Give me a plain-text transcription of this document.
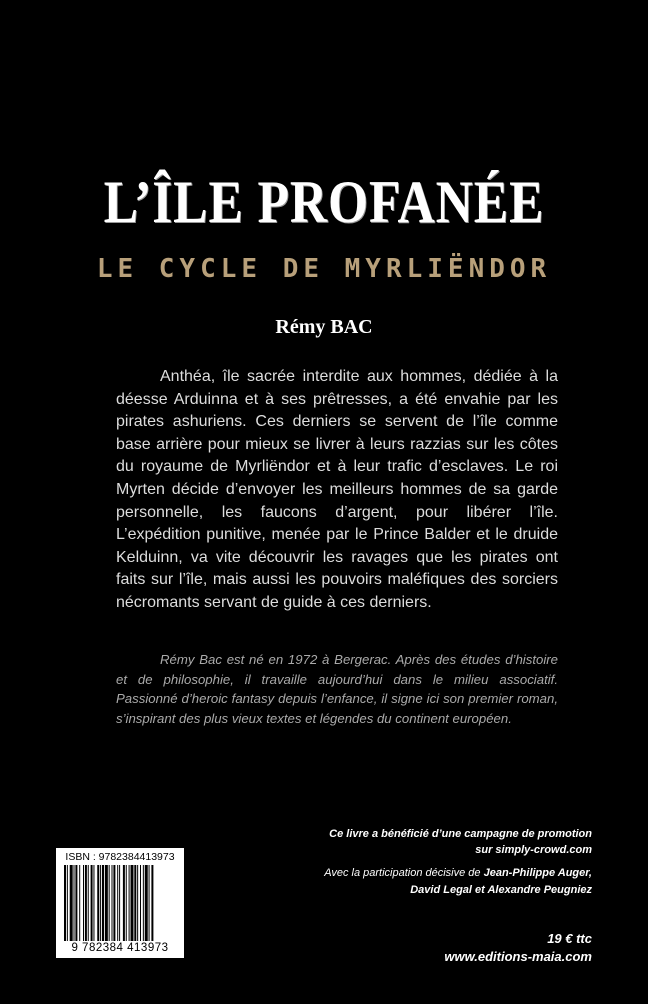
L’ÎLE PROFANÉE
LE CYCLE DE MYRLIËNDOR
Rémy BAC

Anthéa, île sacrée interdite aux hommes, dédiée à la déesse Arduinna et à ses prêtresses, a été envahie par les pirates ashuriens. Ces derniers se servent de l’île comme base arrière pour mieux se livrer à leurs razzias sur les côtes du royaume de Myrliëndor et à leur trafic d’esclaves. Le roi Myrten décide d’envoyer les meilleurs hommes de sa garde personnelle, les faucons d’argent, pour libérer l’île. L’expédition punitive, menée par le Prince Balder et le druide Kelduinn, va vite découvrir les ravages que les pirates ont faits sur l’île, mais aussi les pouvoirs maléfiques des sorciers nécromants servant de guide à ces derniers.

Rémy Bac est né en 1972 à Bergerac. Après des études d’histoire et de philosophie, il travaille aujourd’hui dans le milieu associatif. Passionné d’heroic fantasy depuis l’enfance, il signe ici son premier roman, s’inspirant des plus vieux textes et légendes du continent européen.

Ce livre a bénéficié d’une campagne de promotion
sur simply-crowd.com
Avec la participation décisive de Jean-Philippe Auger,
David Legal et Alexandre Peugniez
19 € ttc
www.editions-maia.com
ISBN : 9782384413973
9 782384 413973
